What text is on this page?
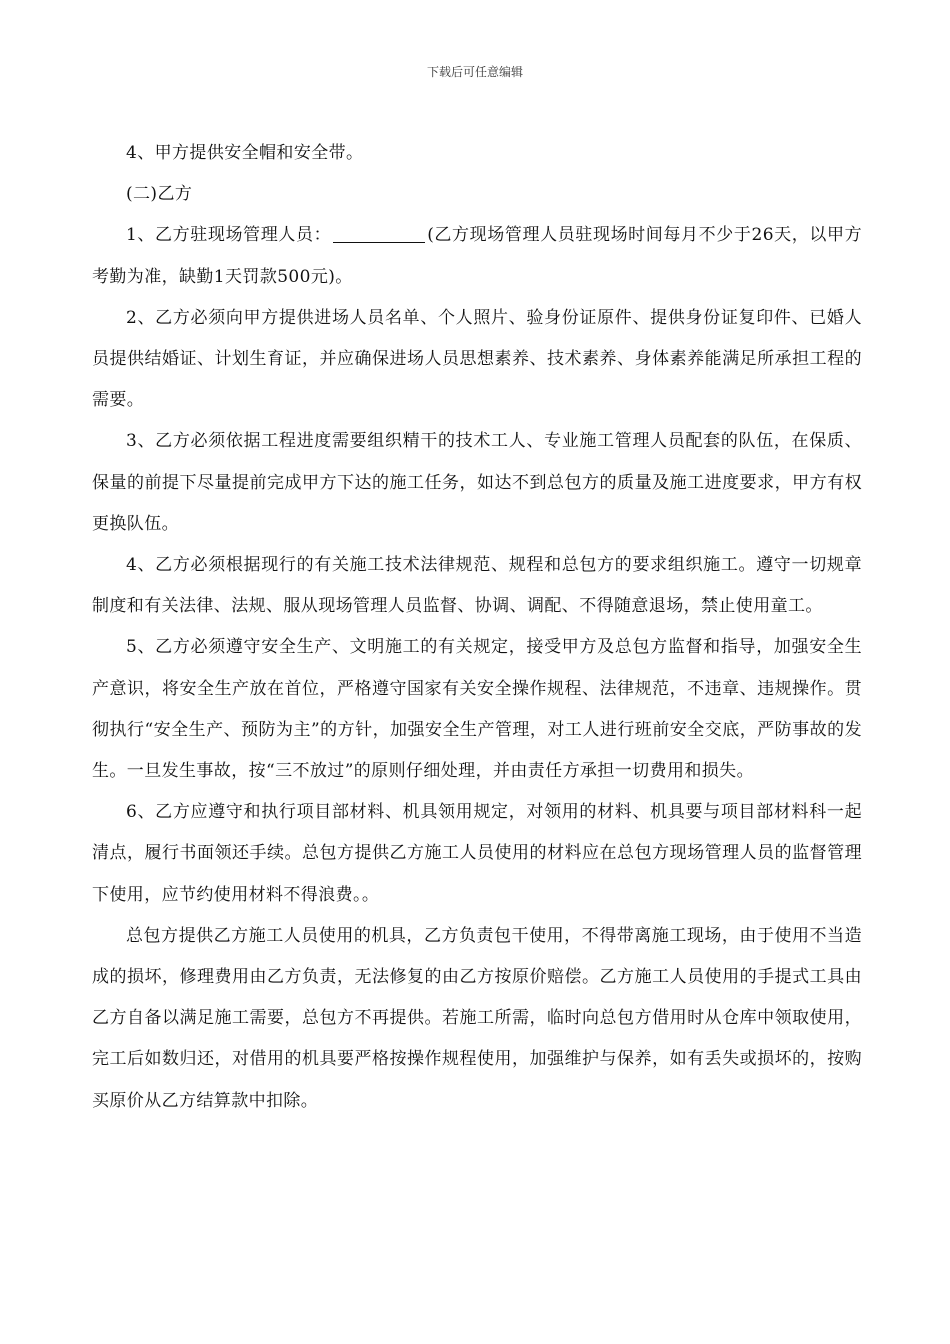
下载后可任意编辑

4、甲方提供安全帽和安全带。

(二)乙方

1、乙方驻现场管理人员：	(乙方现场管理人员驻现场时间每月不少于26天，以甲方考勤为准，缺勤1天罚款500元)。

2、乙方必须向甲方提供进场人员名单、个人照片、验身份证原件、提供身份证复印件、已婚人员提供结婚证、计划生育证，并应确保进场人员思想素养、技术素养、身体素养能满足所承担工程的需要。

3、乙方必须依据工程进度需要组织精干的技术工人、专业施工管理人员配套的队伍，在保质、保量的前提下尽量提前完成甲方下达的施工任务，如达不到总包方的质量及施工进度要求，甲方有权更换队伍。

4、乙方必须根据现行的有关施工技术法律规范、规程和总包方的要求组织施工。遵守一切规章制度和有关法律、法规、服从现场管理人员监督、协调、调配、不得随意退场，禁止使用童工。

5、乙方必须遵守安全生产、文明施工的有关规定，接受甲方及总包方监督和指导，加强安全生产意识，将安全生产放在首位，严格遵守国家有关安全操作规程、法律规范，不违章、违规操作。贯彻执行“安全生产、预防为主”的方针，加强安全生产管理，对工人进行班前安全交底，严防事故的发生。一旦发生事故，按“三不放过”的原则仔细处理，并由责任方承担一切费用和损失。

6、乙方应遵守和执行项目部材料、机具领用规定，对领用的材料、机具要与项目部材料科一起清点，履行书面领还手续。总包方提供乙方施工人员使用的材料应在总包方现场管理人员的监督管理下使用，应节约使用材料不得浪费。。

总包方提供乙方施工人员使用的机具，乙方负责包干使用，不得带离施工现场，由于使用不当造成的损坏，修理费用由乙方负责，无法修复的由乙方按原价赔偿。乙方施工人员使用的手提式工具由乙方自备以满足施工需要，总包方不再提供。若施工所需，临时向总包方借用时从仓库中领取使用，完工后如数归还，对借用的机具要严格按操作规程使用，加强维护与保养，如有丢失或损坏的，按购买原价从乙方结算款中扣除。
